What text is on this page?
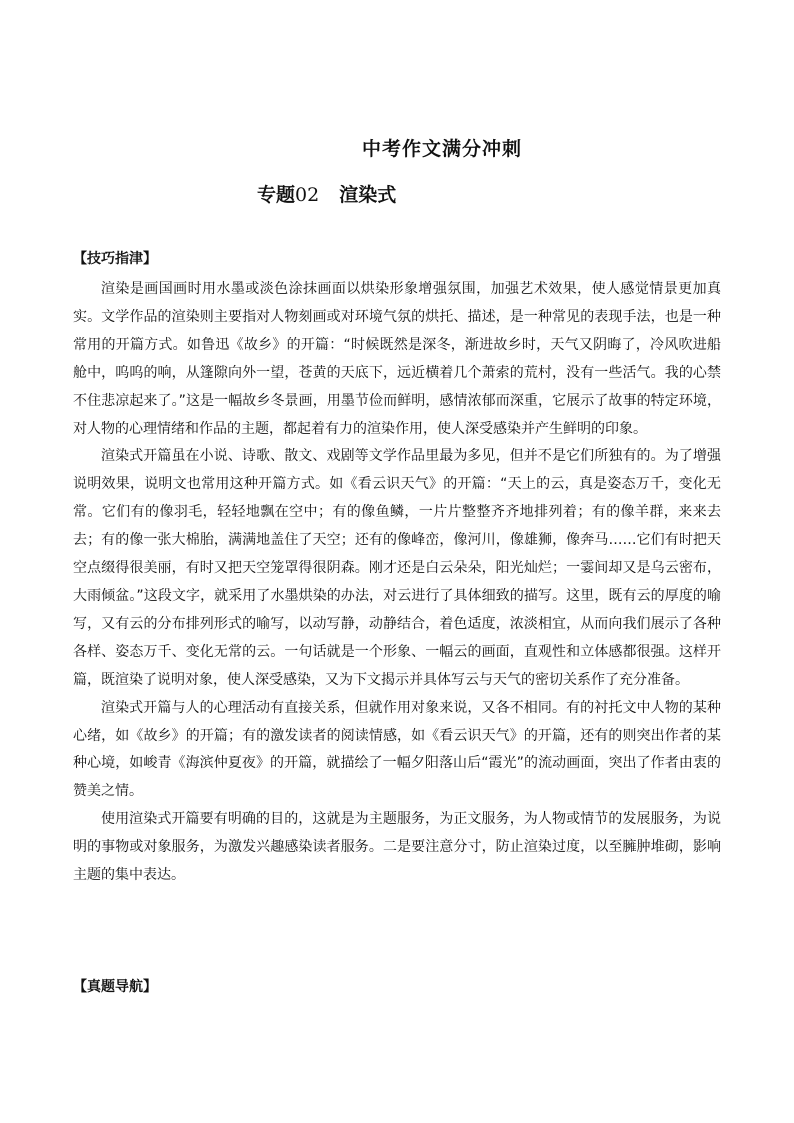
中考作文满分冲刺
专题02 渲染式
【技巧指津】

渲染是画国画时用水墨或淡色涂抹画面以烘染形象增强氛围，加强艺术效果，使人感觉情景更加真实。文学作品的渲染则主要指对人物刻画或对环境气氛的烘托、描述，是一种常见的表现手法，也是一种常用的开篇方式。如鲁迅《故乡》的开篇：“时候既然是深冬，渐进故乡时，天气又阴晦了，冷风吹进船舱中，呜呜的响，从篷隙向外一望，苍黄的天底下，远近横着几个萧索的荒村，没有一些活气。我的心禁不住悲凉起来了。”这是一幅故乡冬景画，用墨节俭而鲜明，感情浓郁而深重，它展示了故事的特定环境，对人物的心理情绪和作品的主题，都起着有力的渲染作用，使人深受感染并产生鲜明的印象。

渲染式开篇虽在小说、诗歌、散文、戏剧等文学作品里最为多见，但并不是它们所独有的。为了增强说明效果，说明文也常用这种开篇方式。如《看云识天气》的开篇：“天上的云，真是姿态万千，变化无常。它们有的像羽毛，轻轻地飘在空中；有的像鱼鳞，一片片整整齐齐地排列着；有的像羊群，来来去去；有的像一张大棉胎，满满地盖住了天空；还有的像峰峦，像河川，像雄狮，像奔马……它们有时把天空点缀得很美丽，有时又把天空笼罩得很阴森。刚才还是白云朵朵，阳光灿烂；一霎间却又是乌云密布，大雨倾盆。”这段文字，就采用了水墨烘染的办法，对云进行了具体细致的描写。这里，既有云的厚度的喻写，又有云的分布排列形式的喻写，以动写静，动静结合，着色适度，浓淡相宜，从而向我们展示了各种各样、姿态万千、变化无常的云。一句话就是一个形象、一幅云的画面，直观性和立体感都很强。这样开篇，既渲染了说明对象，使人深受感染，又为下文揭示并具体写云与天气的密切关系作了充分准备。

渲染式开篇与人的心理活动有直接关系，但就作用对象来说，又各不相同。有的衬托文中人物的某种心绪，如《故乡》的开篇；有的激发读者的阅读情感，如《看云识天气》的开篇，还有的则突出作者的某种心境，如峻青《海滨仲夏夜》的开篇，就描绘了一幅夕阳落山后“霞光”的流动画面，突出了作者由衷的赞美之情。

使用渲染式开篇要有明确的目的，这就是为主题服务，为正文服务，为人物或情节的发展服务，为说明的事物或对象服务，为激发兴趣感染读者服务。二是要注意分寸，防止渲染过度，以至臃肿堆砌，影响主题的集中表达。

【真题导航】
